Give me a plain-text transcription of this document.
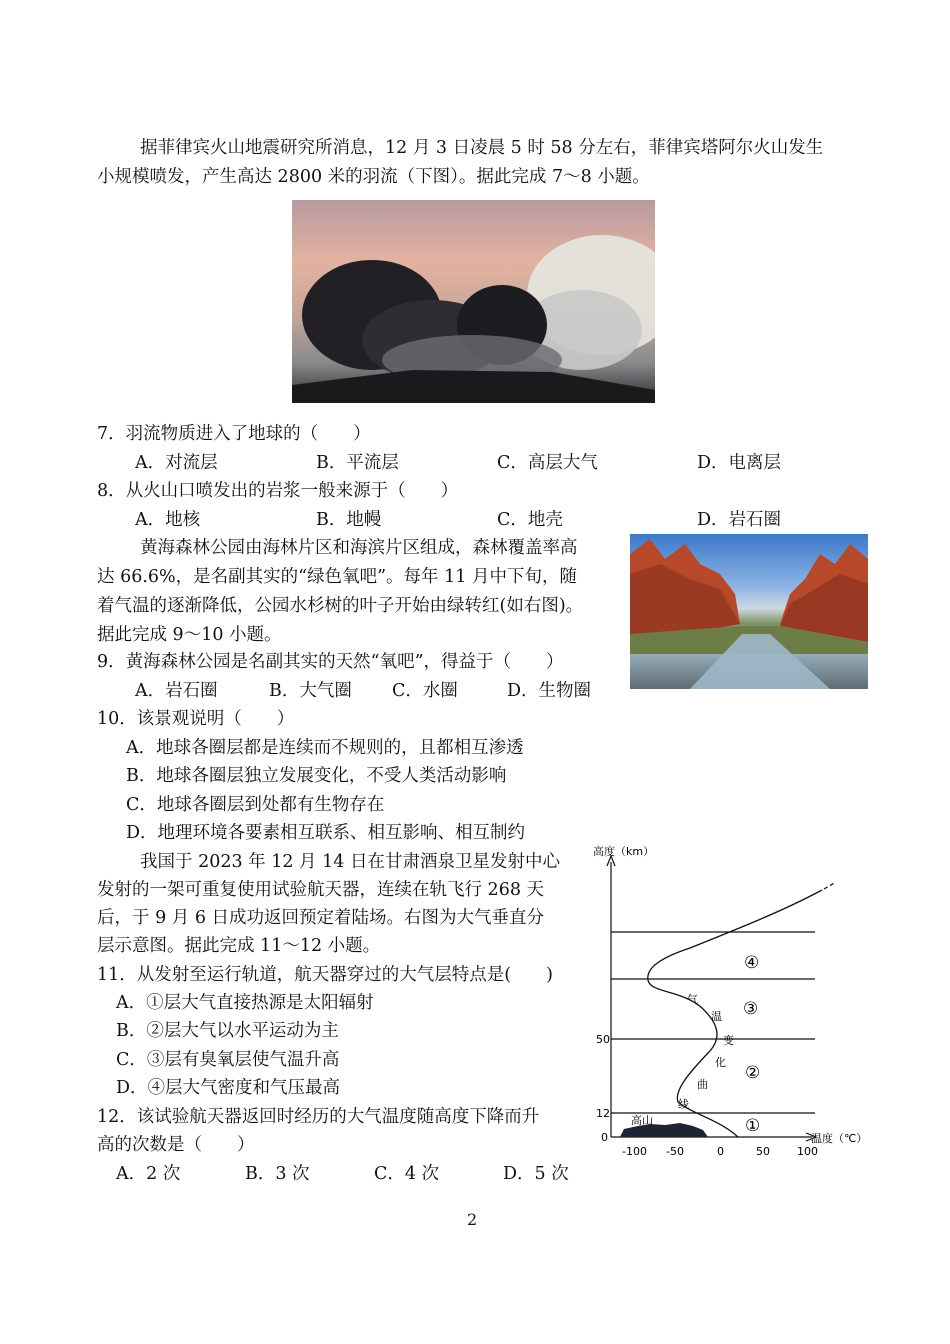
据菲律宾火山地震研究所消息，12 月 3 日凌晨 5 时 58 分左右，菲律宾塔阿尔火山发生
小规模喷发，产生高达 2800 米的羽流（下图）。据此完成 7～8 小题。
7．羽流物质进入了地球的（　　）
A．对流层	B．平流层	C．高层大气	D．电离层
8．从火山口喷发出的岩浆一般来源于（　　）
A．地核	B．地幔	C．地壳	D．岩石圈
黄海森林公园由海林片区和海滨片区组成，森林覆盖率高
达 66.6%，是名副其实的“绿色氧吧”。每年 11 月中下旬，随
着气温的逐渐降低，公园水杉树的叶子开始由绿转红(如右图)。
据此完成 9～10 小题。
9．黄海森林公园是名副其实的天然“氧吧”，得益于（　　）
A．岩石圈	B．大气圈 C．水圈	D．生物圈
10．该景观说明（　　）
A．地球各圈层都是连续而不规则的，且都相互渗透
B．地球各圈层独立发展变化，不受人类活动影响
C．地球各圈层到处都有生物存在
D．地理环境各要素相互联系、相互影响、相互制约
我国于 2023 年 12 月 14 日在甘肃酒泉卫星发射中心
发射的一架可重复使用试验航天器，连续在轨飞行 268 天
后，于 9 月 6 日成功返回预定着陆场。右图为大气垂直分
层示意图。据此完成 11～12 小题。
11．从发射至运行轨道，航天器穿过的大气层特点是(　　)
A．①层大气直接热源是太阳辐射
B．②层大气以水平运动为主
C．③层有臭氧层使气温升高
D．④层大气密度和气压最高
12．该试验航天器返回时经历的大气温度随高度下降而升
高的次数是（　　）
A．2 次	B．3 次	C．4 次	D．5 次
高度（km）
温度（℃）
50
12
0
-100 -50	0	50 100
高山
气
温
变
化
曲
线
④
③
②
①
2
